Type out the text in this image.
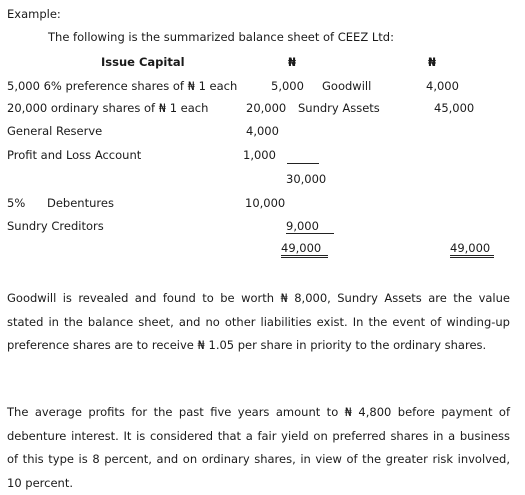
Example:
The following is the summarized balance sheet of CEEZ Ltd:
Issue Capital	₦	₦
5,000 6% preference shares of ₦ 1 each	5,000 Goodwill	4,000
20,000 ordinary shares of ₦ 1 each	20,000 Sundry Assets	45,000
General Reserve	4,000
Profit and Loss Account	1,000
30,000
5% Debentures	10,000
Sundry Creditors	9,000
49,000	49,000

Goodwill is revealed and found to be worth ₦ 8,000, Sundry Assets are the value stated in the balance sheet, and no other liabilities exist. In the event of winding-up preference shares are to receive ₦ 1.05 per share in priority to the ordinary shares.

The average profits for the past five years amount to ₦ 4,800 before payment of debenture interest. It is considered that a fair yield on preferred shares in a business of this type is 8 percent, and on ordinary shares, in view of the greater risk involved, 10 percent.
